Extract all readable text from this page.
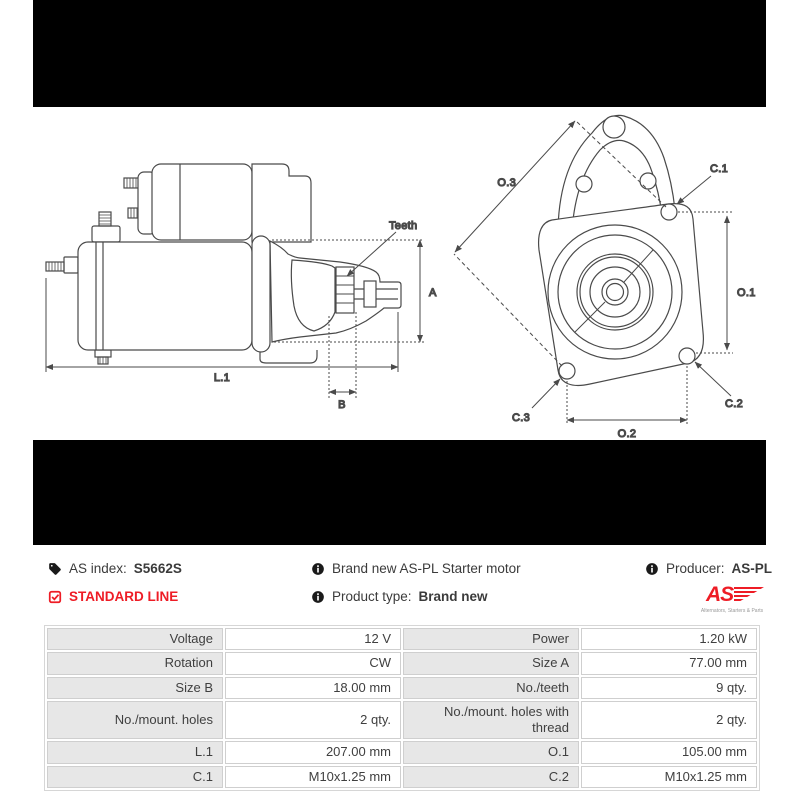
A
B
L.1
Teeth
O.3
O.1
O.2
C.1
C.2
C.3
AS index: S5662S
STANDARD LINE
Brand new AS-PL Starter motor
Product type: Brand new
Producer: AS-PL
AS
Alternators, Starters & Parts
Voltage	12 V	Power	1.20 kW
Rotation	CW	Size A	77.00 mm
Size B	18.00 mm	No./teeth	9 qty.
No./mount. holes	2 qty.	No./mount. holes with thread	2 qty.
L.1	207.00 mm	O.1	105.00 mm
C.1	M10x1.25 mm	C.2	M10x1.25 mm
